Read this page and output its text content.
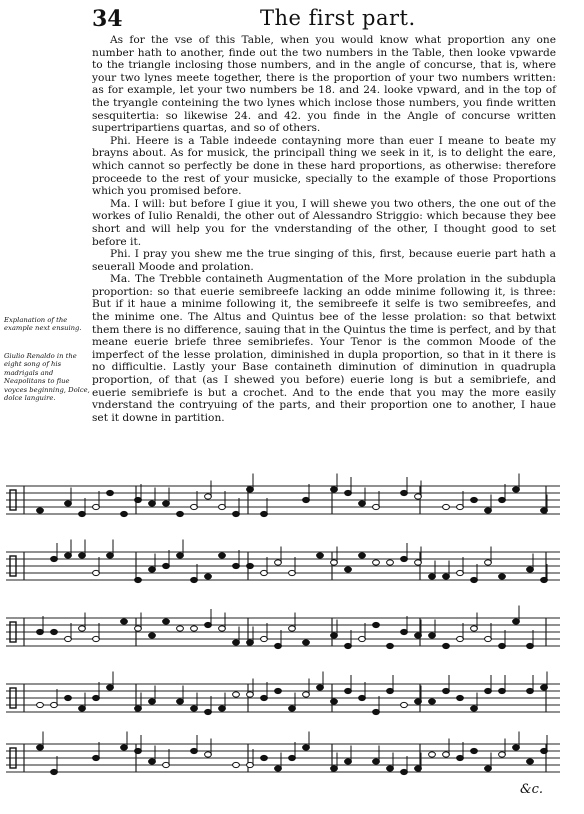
34	The first part.

As for the vse of this Table, when you would know what proportion any one number hath to another, finde out the two numbers in the Table, then looke vpwarde to the triangle inclosing those numbers, and in the angle of concurse, that is, where your two lynes meete together, there is the proportion of your two numbers written: as for example, let your two numbers be 18. and 24. looke vpward, and in the top of the tryangle conteining the two lynes which inclose those numbers, you finde written sesquitertia: so likewise 24. and 42. you finde in the Angle of concurse written supertripartiens quartas, and so of others.

Phi. Heere is a Table indeede contayning more than euer I meane to beate my brayns about. As for musick, the principall thing we seek in it, is to delight the eare, which cannot so perfectly be done in these hard proportions, as otherwise: therefore proceede to the rest of your musicke, specially to the example of those Proportions which you promised before.

Ma. I will: but before I giue it you, I will shewe you two others, the one out of the workes of Iulio Renaldi, the other out of Alessandro Striggio: which because they bee short and will help you for the vnderstanding of the other, I thought good to set before it.

Phi. I pray you shew me the true singing of this, first, because euerie part hath a seuerall Moode and prolation.

Ma. The Trebble containeth Augmentation of the More prolation in the subdupla proportion: so that euerie semibreefe lacking an odde minime following it, is three: But if it haue a minime following it, the semibreefe it selfe is two semibreefes, and the minime one. The Altus and Quintus bee of the lesse prolation: so that betwixt them there is no difference, sauing that in the Quintus the time is perfect, and by that meane euerie briefe three semibriefes. Your Tenor is the common Moode of the imperfect of the lesse prolation, diminished in dupla proportion, so that in it there is no difficultie. Lastly your Base containeth diminution of diminution in quadrupla proportion, of that (as I shewed you before) euerie long is but a semibriefe, and euerie semibriefe is but a crochet. And to the ende that you may the more easily vnderstand the contryuing of the parts, and their proportion one to another, I haue set it downe in partition.

Explanation of the example next ensuing.
Giulio Renaldo in the eight song of his madrigals and Neapolitans to fiue voyces beginning, Dolce, dolce languire.
&c.
